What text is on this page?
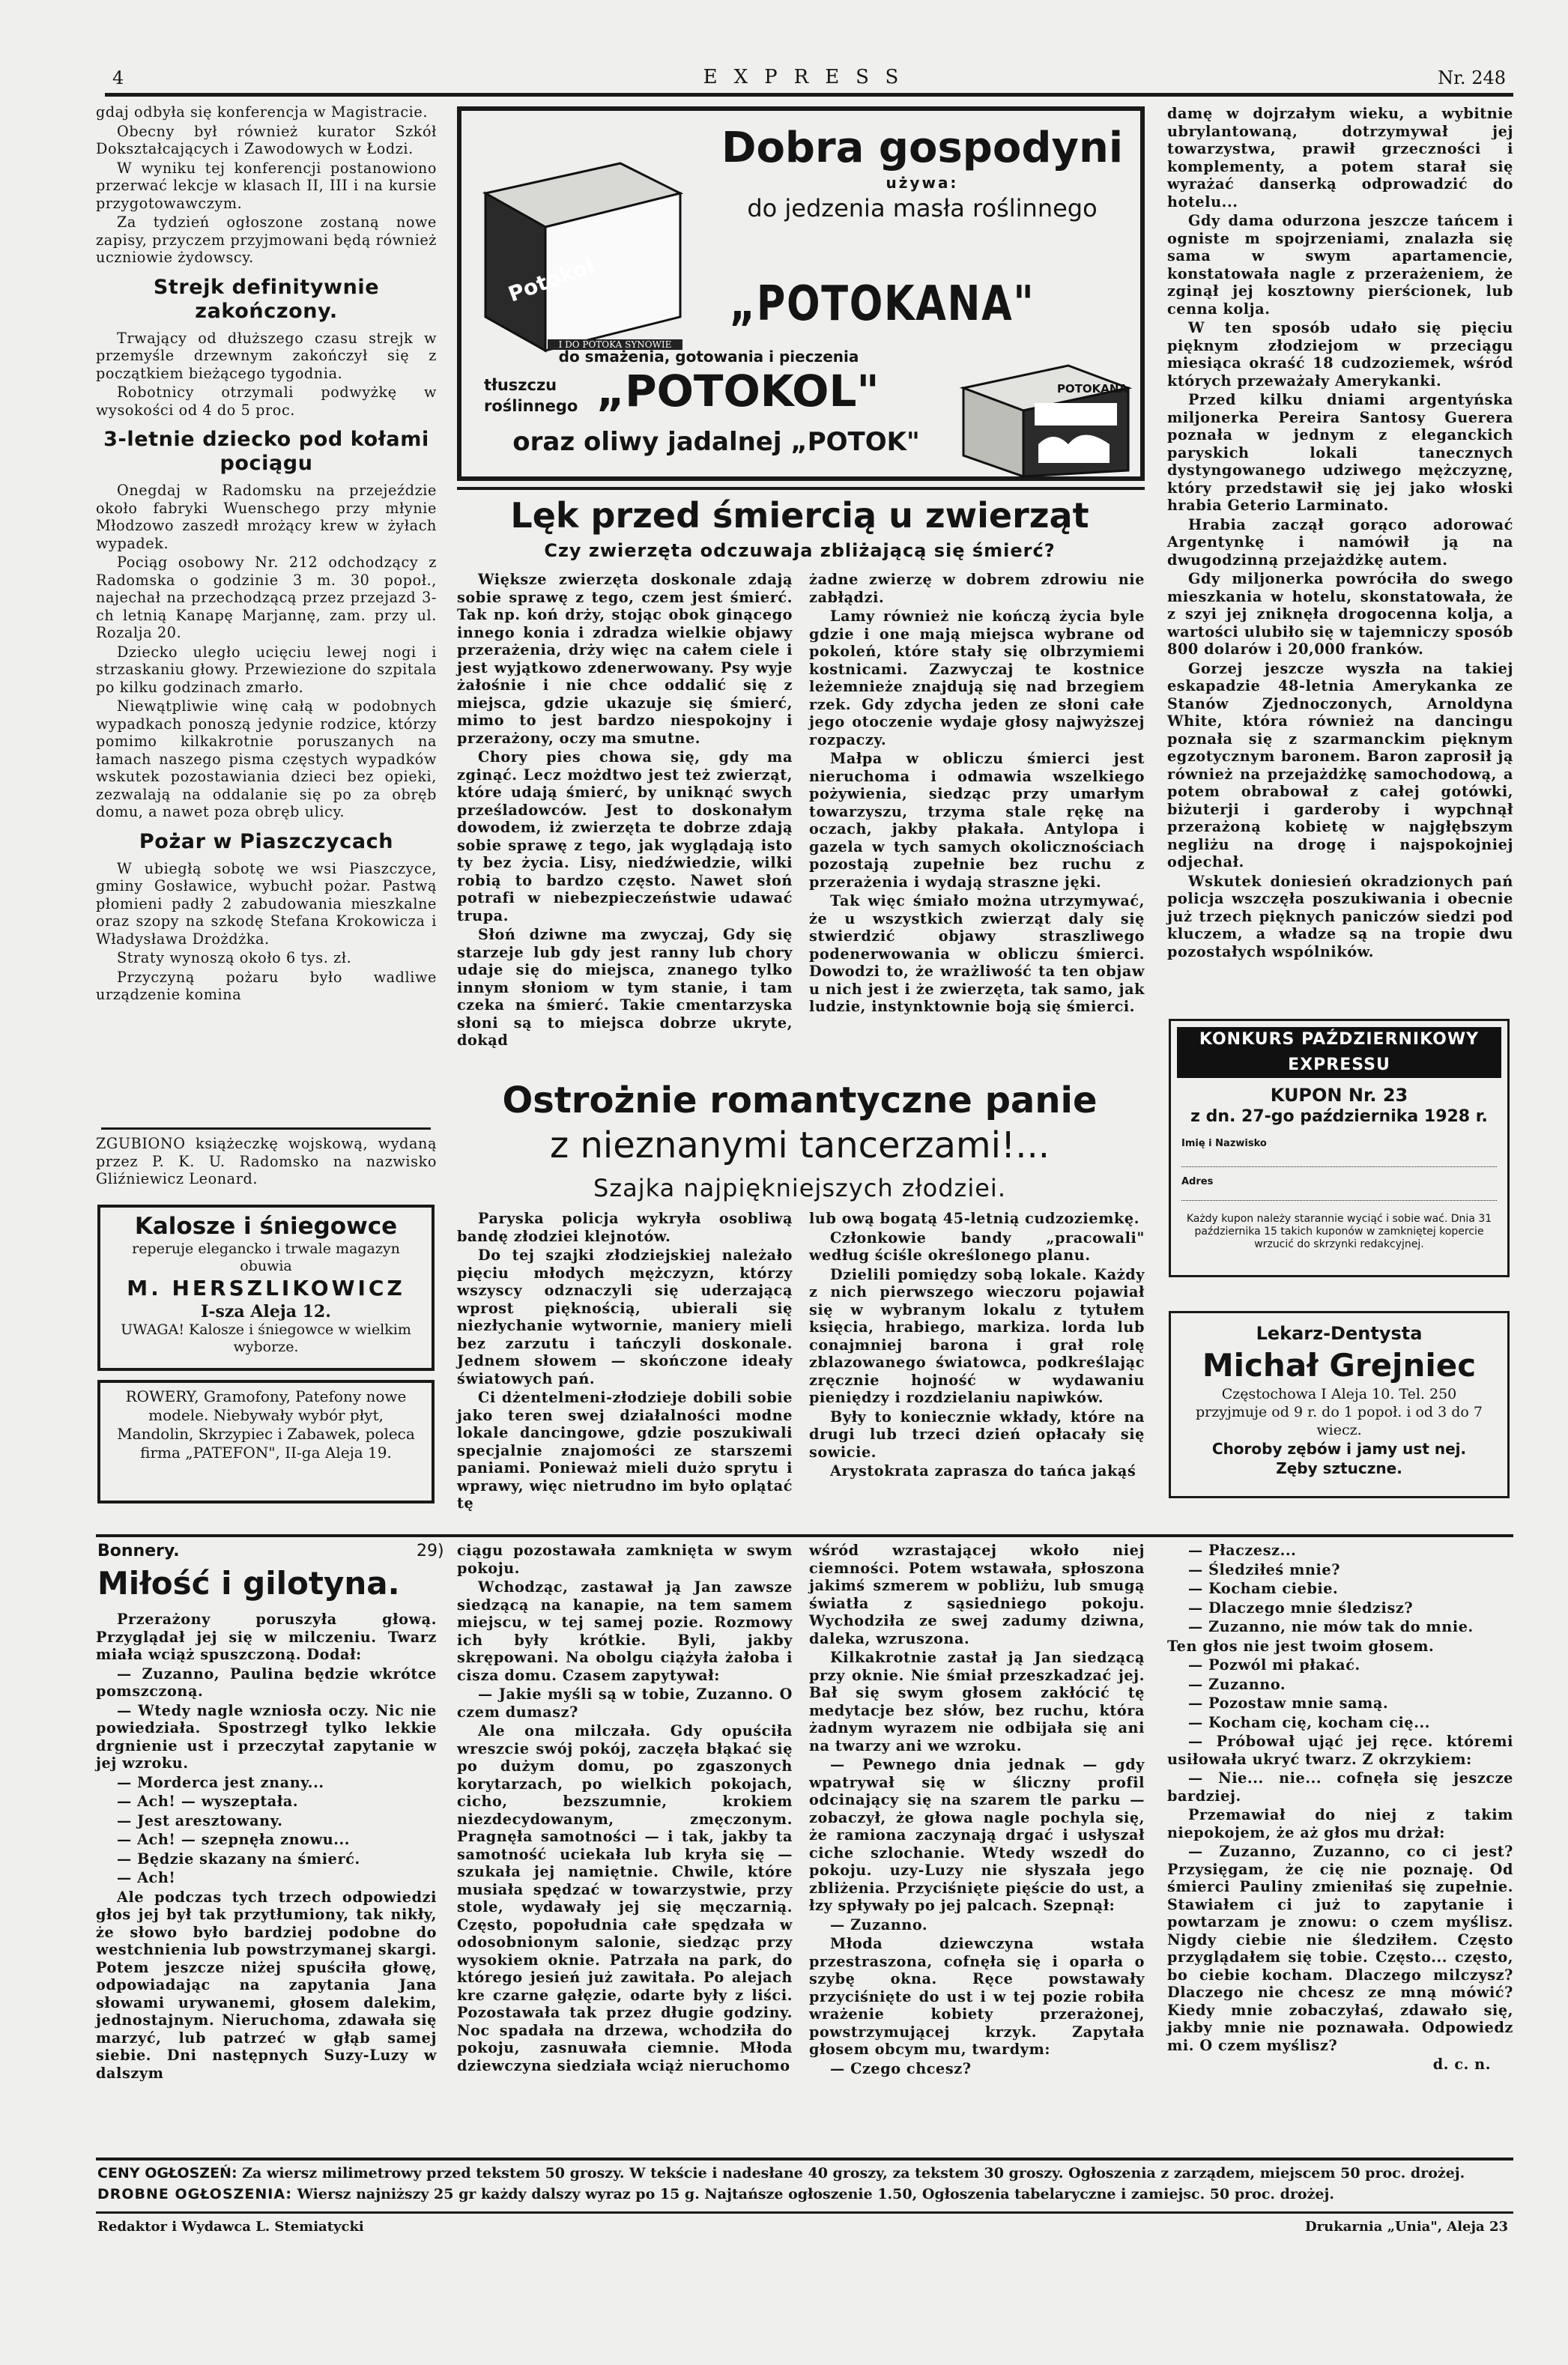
4	EXPRESS	Nr. 248

gdaj odbyła się konferencja w Magistracie.

Obecny był również kurator Szkół Dokształcających i Zawodowych w Łodzi.

W wyniku tej konferencji postanowiono przerwać lekcje w klasach II, III i na kursie przygotowawczym.

Za tydzień ogłoszone zostaną nowe zapisy, przyczem przyjmowani będą również uczniowie żydowscy.

Strejk definitywnie zakończony.

Trwający od dłuższego czasu strejk w przemyśle drzewnym zakończył się z początkiem bieżącego tygodnia.

Robotnicy otrzymali podwyżkę w wysokości od 4 do 5 proc.

3-letnie dziecko pod kołami pociągu

Onegdaj w Radomsku na przejeździe około fabryki Wuenschego przy młynie Młodzowo zaszedł mrożący krew w żyłach wypadek.

Pociąg osobowy Nr. 212 odchodzący z Radomska o godzinie 3 m. 30 popoł., najechał na przechodzącą przez przejazd 3-ch letnią Kanapę Marjannę, zam. przy ul. Rozalja 20.

Dziecko uległo ucięciu lewej nogi i strzaskaniu głowy. Przewiezione do szpitala po kilku godzinach zmarło.

Niewątpliwie winę całą w podobnych wypadkach ponoszą jedynie rodzice, którzy pomimo kilkakrotnie poruszanych na łamach naszego pisma częstych wypadków wskutek pozostawiania dzieci bez opieki, zezwalają na oddalanie się po za obręb domu, a nawet poza obręb ulicy.

Pożar w Piaszczycach

W ubiegłą sobotę we wsi Piaszczyce, gminy Gosławice, wybuchł pożar. Pastwą płomieni padły 2 zabudowania mieszkalne oraz szopy na szkodę Stefana Krokowicza i Władysława Drożdżka.

Straty wynoszą około 6 tys. zł.

Przyczyną pożaru było wadliwe urządzenie komina

ZGUBIONO książeczkę wojskową, wydaną przez P. K. U. Radomsko na nazwisko Gliźniewicz Leonard.

Kalosze i śniegowce
reperuje elegancko i trwale magazyn obuwia
M. HERSZLIKOWICZ
I-sza Aleja 12.
UWAGA! Kalosze i śniegowce w wielkim wyborze.
ROWERY, Gramofony, Patefony nowe modele. Niebywały wybór płyt, Mandolin, Skrzypiec i Zabawek, poleca firma „PATEFON", II-ga Aleja 19.
Potokol
I DO POTOKA SYNOWIE
POTOKANA
Dobra gospodyni
używa:
do jedzenia masła roślinnego
„POTOKANA"
do smażenia, gotowania i pieczenia
tłuszczu roślinnego „POTOKOL"
oraz oliwy jadalnej „POTOK"
Lęk przed śmiercią u zwierząt
Czy zwierzęta odczuwaja zbliżającą się śmierć?

Większe zwierzęta doskonale zdają sobie sprawę z tego, czem jest śmierć. Tak np. koń drży, stojąc obok ginącego innego konia i zdradza wielkie objawy przerażenia, drży więc na całem ciele i jest wyjątkowo zdenerwowany. Psy wyje żałośnie i nie chce oddalić się z miejsca, gdzie ukazuje się śmierć, mimo to jest bardzo niespokojny i przerażony, oczy ma smutne.

Chory pies chowa się, gdy ma zginąć. Lecz możdtwo jest też zwierząt, które udają śmierć, by uniknąć swych prześladowców. Jest to doskonałym dowodem, iż zwierzęta te dobrze zdają sobie sprawę z tego, jak wyglądają isto ty bez życia. Lisy, niedźwiedzie, wilki robią to bardzo często. Nawet słoń potrafi w niebezpieczeństwie udawać trupa.

Słoń dziwne ma zwyczaj, Gdy się starzeje lub gdy jest ranny lub chory udaje się do miejsca, znanego tylko innym słoniom w tym stanie, i tam czeka na śmierć. Takie cmentarzyska słoni są to miejsca dobrze ukryte, dokąd

żadne zwierzę w dobrem zdrowiu nie zabłądzi.

Lamy również nie kończą życia byle gdzie i one mają miejsca wybrane od pokoleń, które stały się olbrzymiemi kostnicami. Zazwyczaj te kostnice leżemnieże znajdują się nad brzegiem rzek. Gdy zdycha jeden ze słoni całe jego otoczenie wydaje głosy najwyższej rozpaczy.

Małpa w obliczu śmierci jest nieruchoma i odmawia wszelkiego pożywienia, siedząc przy umarłym towarzyszu, trzyma stale rękę na oczach, jakby płakała. Antylopa i gazela w tych samych okolicznościach pozostają zupełnie bez ruchu z przerażenia i wydają straszne jęki.

Tak więc śmiało można utrzymywać, że u wszystkich zwierząt daly się stwierdzić objawy straszliwego podenerwowania w obliczu śmierci. Dowodzi to, że wrażliwość ta ten objaw u nich jest i że zwierzęta, tak samo, jak ludzie, instynktownie boją się śmierci.

Ostrożnie romantyczne panie
z nieznanymi tancerzami!...
Szajka najpiękniejszych złodziei.

Paryska policja wykryła osobliwą bandę złodziei klejnotów.

Do tej szajki złodziejskiej należało pięciu młodych mężczyzn, którzy wszyscy odznaczyli się uderzającą wprost pięknością, ubierali się niezłychanie wytwornie, maniery mieli bez zarzutu i tańczyli doskonale. Jednem słowem — skończone ideały światowych pań.

Ci dżentelmeni-złodzieje dobili sobie jako teren swej działalności modne lokale dancingowe, gdzie poszukiwali specjalnie znajomości ze starszemi paniami. Ponieważ mieli dużo sprytu i wprawy, więc nietrudno im było oplątać tę

lub ową bogatą 45-letnią cudzoziemkę.

Członkowie bandy „pracowali" według ściśle określonego planu.

Dzielili pomiędzy sobą lokale. Każdy z nich pierwszego wieczoru pojawiał się w wybranym lokalu z tytułem księcia, hrabiego, markiza. lorda lub conajmniej barona i grał rolę zblazowanego światowca, podkreślając zręcznie hojność w wydawaniu pieniędzy i rozdzielaniu napiwków.

Były to koniecznie wkłady, które na drugi lub trzeci dzień opłacały się sowicie.

Arystokrata zaprasza do tańca jakąś

damę w dojrzałym wieku, a wybitnie ubrylantowaną, dotrzymywał jej towarzystwa, prawił grzeczności i komplementy, a potem starał się wyrażać danserką odprowadzić do hotelu...

Gdy dama odurzona jeszcze tańcem i ogniste m spojrzeniami, znalazła się sama w swym apartamencie, konstatowała nagle z przerażeniem, że zginął jej kosztowny pierścionek, lub cenna kolja.

W ten sposób udało się pięciu pięknym złodziejom w przeciągu miesiąca okraść 18 cudzoziemek, wśród których przeważały Amerykanki.

Przed kilku dniami argentyńska miljonerka Pereira Santosy Guerera poznała w jednym z eleganckich paryskich lokali tanecznych dystyngowanego udziwego mężczyznę, który przedstawił się jej jako włoski hrabia Geterio Larminato.

Hrabia zaczął gorąco adorować Argentynkę i namówił ją na dwugodzinną przejażdżkę autem.

Gdy miljonerka powróciła do swego mieszkania w hotelu, skonstatowała, że z szyi jej zniknęła drogocenna kolja, a wartości ulubiło się w tajemniczy sposób 800 dolarów i 20,000 franków.

Gorzej jeszcze wyszła na takiej eskapadzie 48-letnia Amerykanka ze Stanów Zjednoczonych, Arnoldyna White, która również na dancingu poznała się z szarmanckim pięknym egzotycznym baronem. Baron zaprosił ją również na przejażdżkę samochodową, a potem obrabował z całej gotówki, biżuterji i garderoby i wypchnął przerażoną kobietę w najgłębszym negliżu na drogę i najspokojniej odjechał.

Wskutek doniesień okradzionych pań policja wszczęła poszukiwania i obecnie już trzech pięknych paniczów siedzi pod kluczem, a władze są na tropie dwu pozostałych wspólników.

KONKURS PAŹDZIERNIKOWY EXPRESSU
KUPON Nr. 23
z dn. 27-go października 1928 r.
Imię i Nazwisko
Adres
Każdy kupon należy starannie wyciąć i sobie wać. Dnia 31 października 15 takich kuponów w zamkniętej kopercie wrzucić do skrzynki redakcyjnej.
Lekarz-Dentysta
Michał Grejniec
Częstochowa I Aleja 10. Tel. 250
przyjmuje od 9 r. do 1 popoł. i od 3 do 7 wiecz.
Choroby zębów i jamy ust nej. Zęby sztuczne.
Bonnery.	29)
Miłość i gilotyna.

Przerażony poruszyła głową. Przyglądał jej się w milczeniu. Twarz miała wciąż spuszczoną. Dodał:

— Zuzanno, Paulina będzie wkrótce pomszczoną.

— Wtedy nagle wzniosła oczy. Nic nie powiedziała. Spostrzegł tylko lekkie drgnienie ust i przeczytał zapytanie w jej wzroku.

— Morderca jest znany...

— Ach! — wyszeptała.

— Jest aresztowany.

— Ach! — szepnęła znowu...

— Będzie skazany na śmierć.

— Ach!

Ale podczas tych trzech odpowiedzi głos jej był tak przytłumiony, tak nikły, że słowo było bardziej podobne do westchnienia lub powstrzymanej skargi. Potem jeszcze niżej spuściła głowę, odpowiadając na zapytania Jana słowami urywanemi, głosem dalekim, jednostajnym. Nieruchoma, zdawała się marzyć, lub patrzeć w głąb samej siebie. Dni następnych Suzy-Luzy w dalszym

ciągu pozostawała zamknięta w swym pokoju.

Wchodząc, zastawał ją Jan zawsze siedzącą na kanapie, na tem samem miejscu, w tej samej pozie. Rozmowy ich były krótkie. Byli, jakby skrępowani. Na obolgu ciążyła żałoba i cisza domu. Czasem zapytywał:

— Jakie myśli są w tobie, Zuzanno. O czem dumasz?

Ale ona milczała. Gdy opuściła wreszcie swój pokój, zaczęła błąkać się po dużym domu, po zgaszonych korytarzach, po wielkich pokojach, cicho, bezszumnie, krokiem niezdecydowanym, zmęczonym. Pragnęła samotności — i tak, jakby ta samotność uciekała lub kryła się — szukała jej namiętnie. Chwile, które musiała spędzać w towarzystwie, przy stole, wydawały jej się męczarnią. Często, popołudnia całe spędzała w odosobnionym salonie, siedząc przy wysokiem oknie. Patrzała na park, do którego jesień już zawitała. Po alejach kre czarne gałęzie, odarte były z liści. Pozostawała tak przez długie godziny. Noc spadała na drzewa, wchodziła do pokoju, zasnuwała ciemnie. Młoda dziewczyna siedziała wciąż nieruchomo

wśród wzrastającej wkoło niej ciemności. Potem wstawała, spłoszona jakimś szmerem w pobliżu, lub smugą światła z sąsiedniego pokoju. Wychodziła ze swej zadumy dziwna, daleka, wzruszona.

Kilkakrotnie zastał ją Jan siedzącą przy oknie. Nie śmiał przeszkadzać jej. Bał się swym głosem zakłócić tę medytacje bez słów, bez ruchu, która żadnym wyrazem nie odbijała się ani na twarzy ani we wzroku.

— Pewnego dnia jednak — gdy wpatrywał się w śliczny profil odcinający się na szarem tle parku — zobaczył, że głowa nagle pochyla się, że ramiona zaczynają drgać i usłyszał ciche szlochanie. Wtedy wszedł do pokoju. uzy-Luzy nie słyszała jego zbliżenia. Przyciśnięte pięście do ust, a łzy spływały po jej palcach. Szepnął:

— Zuzanno.

Młoda dziewczyna wstała przestraszona, cofnęła się i oparła o szybę okna. Ręce powstawały przyciśnięte do ust i w tej pozie robiła wrażenie kobiety przerażonej, powstrzymującej krzyk. Zapytała głosem obcym mu, twardym:

— Czego chcesz?

— Płaczesz...

— Śledziłeś mnie?

— Kocham ciebie.

— Dlaczego mnie śledzisz?

— Zuzanno, nie mów tak do mnie.

Ten głos nie jest twoim głosem.

— Pozwól mi płakać.

— Zuzanno.

— Pozostaw mnie samą.

— Kocham cię, kocham cię...

— Próbował ująć jej ręce. któremi usiłowała ukryć twarz. Z okrzykiem:

— Nie... nie... cofnęła się jeszcze bardziej.

Przemawiał do niej z takim niepokojem, że aż głos mu drżał:

— Zuzanno, Zuzanno, co ci jest? Przysięgam, że cię nie poznaję. Od śmierci Pauliny zmieniłaś się zupełnie. Stawiałem ci już to zapytanie i powtarzam je znowu: o czem myślisz. Nigdy ciebie nie śledziłem. Często przyglądałem się tobie. Często... często, bo ciebie kocham. Dlaczego milczysz? Dlaczego nie chcesz ze mną mówić? Kiedy mnie zobaczyłaś, zdawało się, jakby mnie nie poznawała. Odpowiedz mi. O czem myślisz?

d. c. n.

CENY OGŁOSZEŃ: Za wiersz milimetrowy przed tekstem 50 groszy. W tekście i nadesłane 40 groszy, za tekstem 30 groszy. Ogłoszenia z zarządem, miejscem 50 proc. drożej.
DROBNE OGŁOSZENIA: Wiersz najniższy 25 gr każdy dalszy wyraz po 15 g. Najtańsze ogłoszenie 1.50, Ogłoszenia tabelaryczne i zamiejsc. 50 proc. drożej.
Redaktor i Wydawca L. Stemiatycki	Drukarnia „Unia", Aleja 23
